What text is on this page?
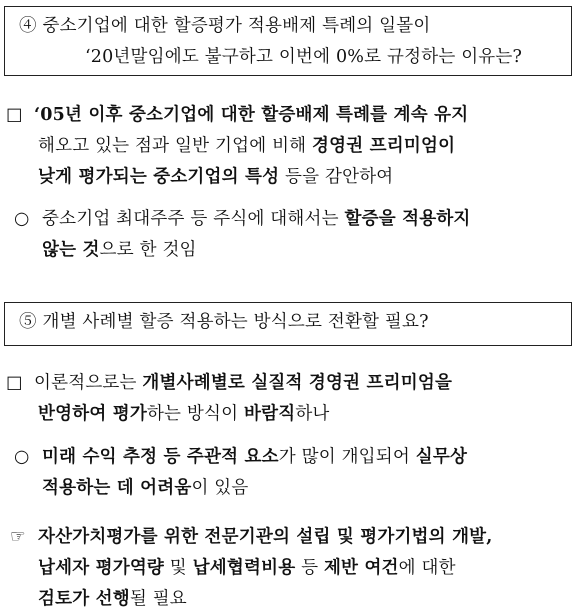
④ 중소기업에 대한 할증평가 적용배제 특례의 일몰이
‘20년말임에도 불구하고 이번에 0%로 규정하는 이유는?
□ ‘05년 이후 중소기업에 대한 할증배제 특례를 계속 유지
해오고 있는 점과 일반 기업에 비해 경영권 프리미엄이
낮게 평가되는 중소기업의 특성 등을 감안하여
○ 중소기업 최대주주 등 주식에 대해서는 할증을 적용하지
않는 것으로 한 것임
⑤ 개별 사례별 할증 적용하는 방식으로 전환할 필요?
□ 이론적으로는 개별사례별로 실질적 경영권 프리미엄을
반영하여 평가하는 방식이 바람직하나
○ 미래 수익 추정 등 주관적 요소가 많이 개입되어 실무상
적용하는 데 어려움이 있음
☞ 자산가치평가를 위한 전문기관의 설립 및 평가기법의 개발,
납세자 평가역량 및 납세협력비용 등 제반 여건에 대한
검토가 선행될 필요
